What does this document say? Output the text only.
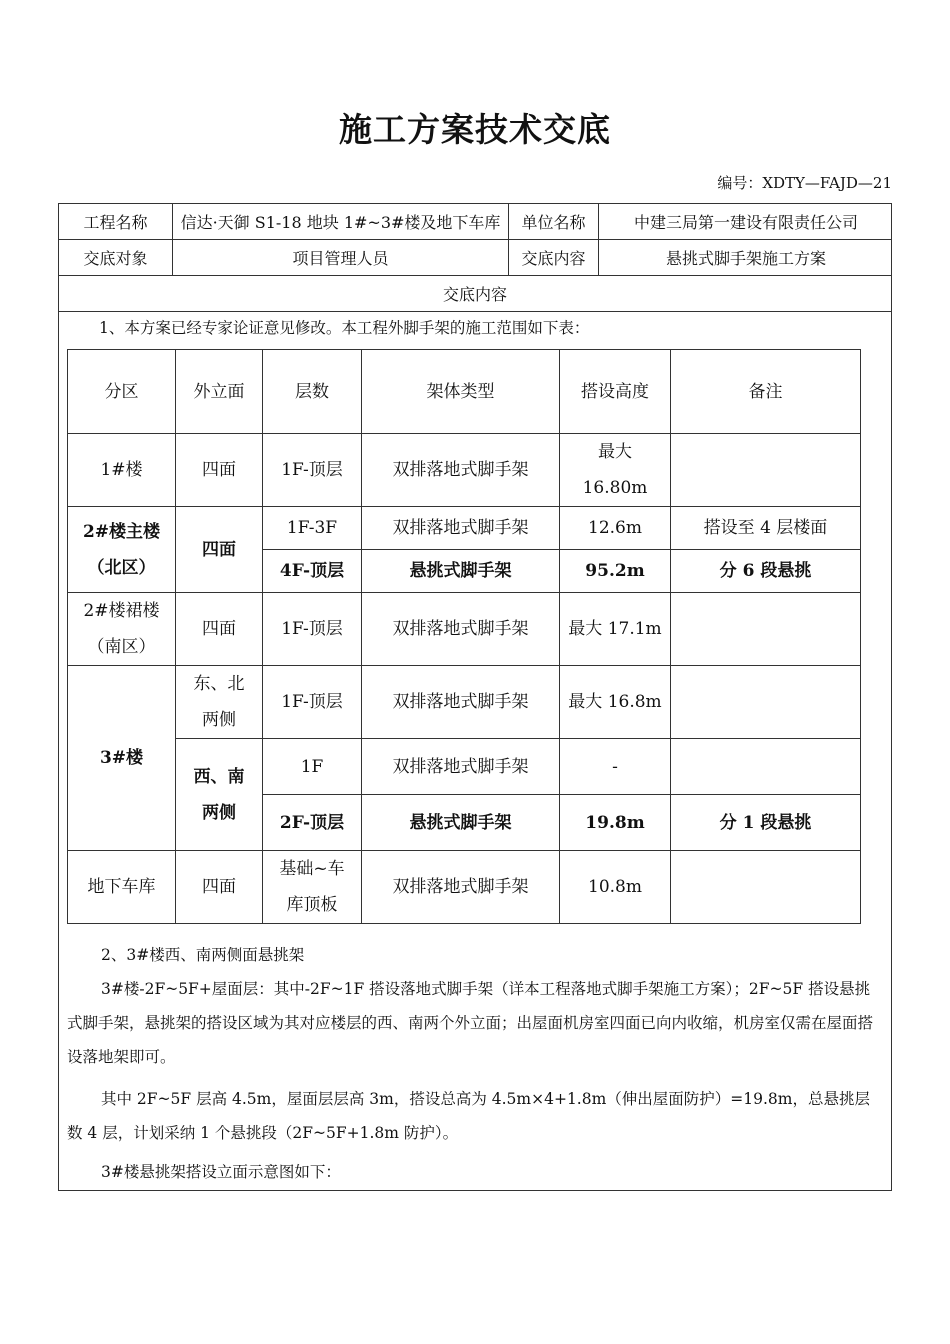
施工方案技术交底
编号：XDTY—FAJD—21
工程名称	信达·天御 S1-18 地块 1#~3#楼及地下车库	单位名称	中建三局第一建设有限责任公司
交底对象	项目管理人员	交底内容	悬挑式脚手架施工方案
交底内容
1、本方案已经专家论证意见修改。本工程外脚手架的施工范围如下表：
分区	外立面	层数	架体类型	搭设高度	备注
1#楼	四面	1F-顶层	双排落地式脚手架	最大
16.80m	

2#楼主楼
（北区）	四面	1F-3F	双排落地式脚手架	12.6m	搭设至 4 层楼面
		4F-顶层	悬挑式脚手架	95.2m	分 6 段悬挑

2#楼裙楼
（南区）	四面	1F-顶层	双排落地式脚手架	最大 17.1m	
3#楼	东、北
两侧	1F-顶层	双排落地式脚手架	最大 16.8m	

	西、南
两侧	1F	双排落地式脚手架	-	
		2F-顶层	悬挑式脚手架	19.8m	分 1 段悬挑
地下车库	四面	基础~车
库顶板	双排落地式脚手架	10.8m	
2、3#楼西、南两侧面悬挑架
3#楼-2F~5F+屋面层：其中-2F~1F 搭设落地式脚手架（详本工程落地式脚手架施工方案）；2F~5F 搭设悬挑式脚手架，悬挑架的搭设区域为其对应楼层的西、南两个外立面；出屋面机房室四面已向内收缩，机房室仅需在屋面搭设落地架即可。
其中 2F~5F 层高 4.5m，屋面层层高 3m，搭设总高为 4.5m×4+1.8m（伸出屋面防护）=19.8m，总悬挑层数 4 层，计划采纳 1 个悬挑段（2F~5F+1.8m 防护）。
3#楼悬挑架搭设立面示意图如下：
